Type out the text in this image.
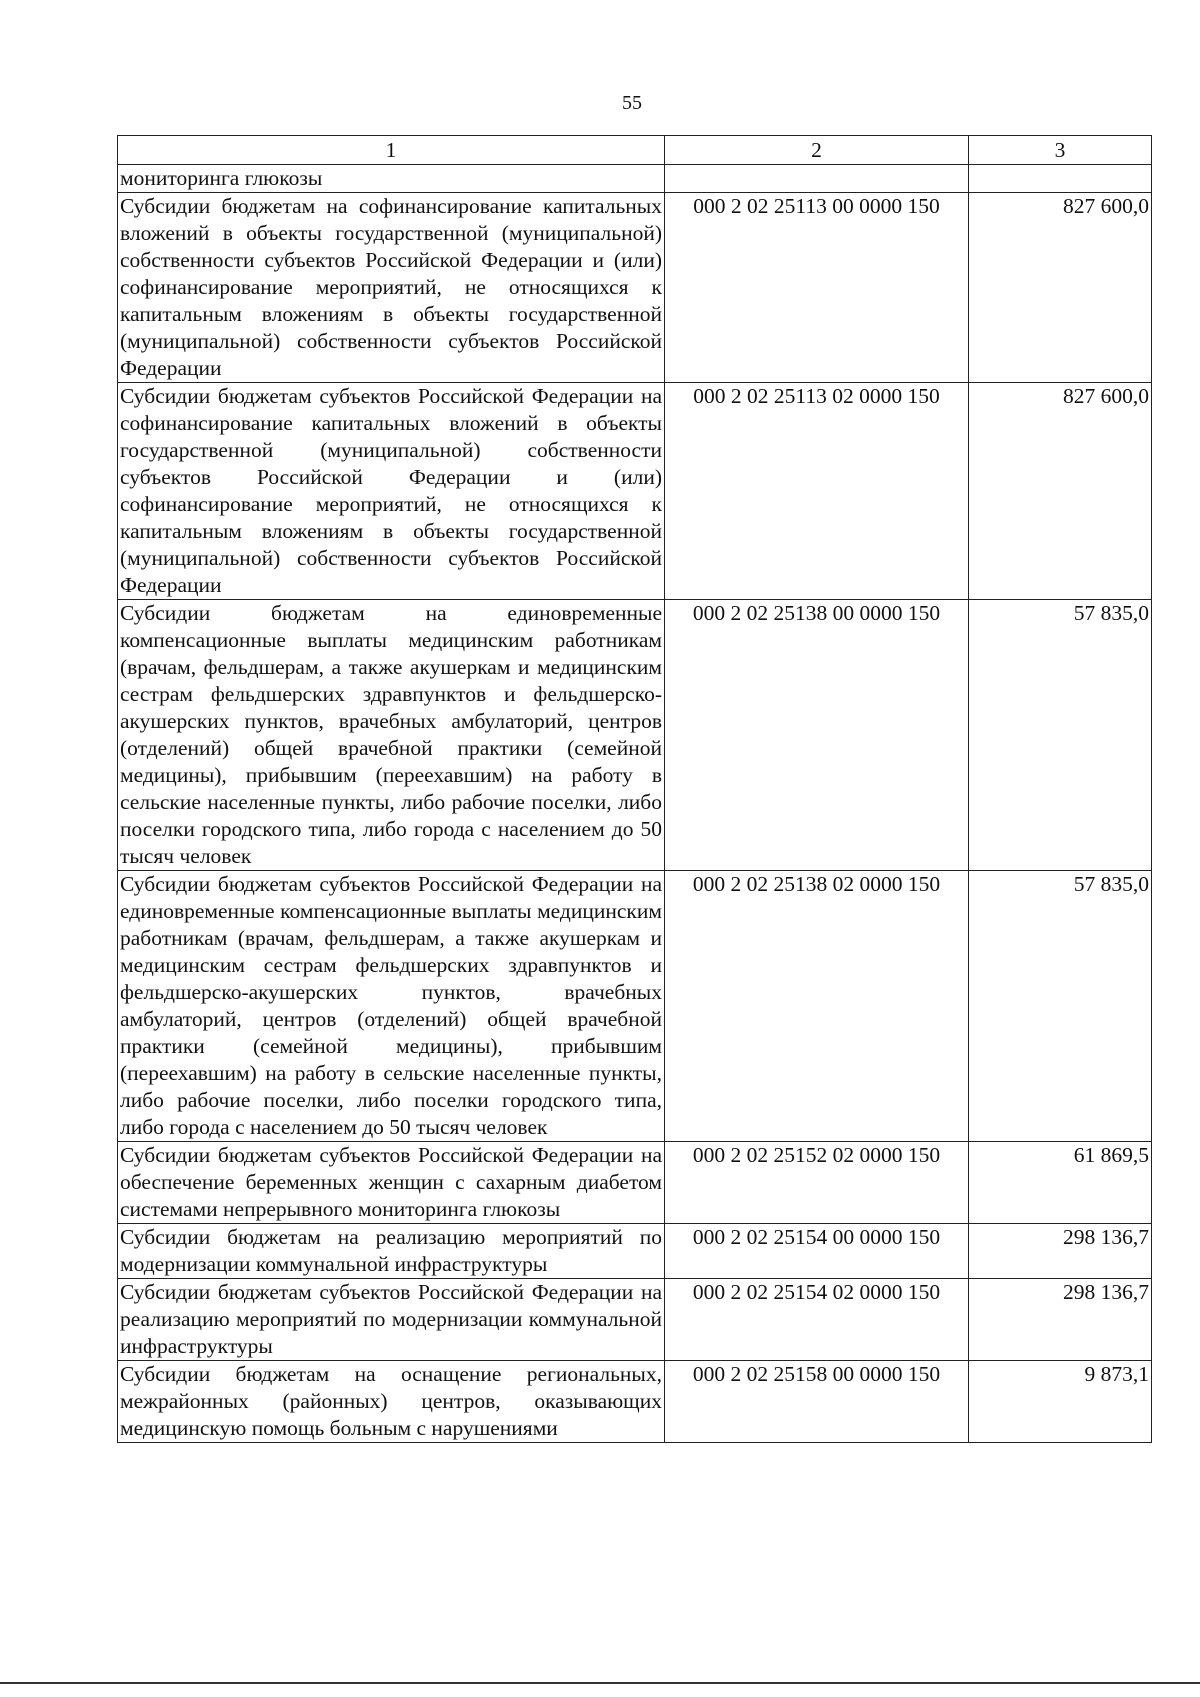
55
1	2	3
мониторинга глюкозы		
Субсидии бюджетам на софинансирование капитальных вложений в объекты государственной (муниципальной) собственности субъектов Российской Федерации и (или) софинансирование мероприятий, не относящихся к капитальным вложениям в объекты государственной (муниципальной) собственности субъектов Российской Федерации	000 2 02 25113 00 0000 150	827 600,0
Субсидии бюджетам субъектов Российской Федерации на софинансирование капитальных вложений в объекты государственной (муниципальной) собственности субъектов Российской Федерации и (или) софинансирование мероприятий, не относящихся к капитальным вложениям в объекты государственной (муниципальной) собственности субъектов Российской Федерации	000 2 02 25113 02 0000 150	827 600,0
Субсидии бюджетам на единовременные компенсационные выплаты медицинским работникам (врачам, фельдшерам, а также акушеркам и медицинским сестрам фельдшерских здравпунктов и фельдшерско-акушерских пунктов, врачебных амбулаторий, центров (отделений) общей врачебной практики (семейной медицины), прибывшим (переехавшим) на работу в сельские населенные пункты, либо рабочие поселки, либо поселки городского типа, либо города с населением до 50 тысяч человек	000 2 02 25138 00 0000 150	57 835,0
Субсидии бюджетам субъектов Российской Федерации на единовременные компенсационные выплаты медицинским работникам (врачам, фельдшерам, а также акушеркам и медицинским сестрам фельдшерских здравпунктов и фельдшерско-акушерских пунктов, врачебных амбулаторий, центров (отделений) общей врачебной практики (семейной медицины), прибывшим (переехавшим) на работу в сельские населенные пункты, либо рабочие поселки, либо поселки городского типа, либо города с населением до 50 тысяч человек	000 2 02 25138 02 0000 150	57 835,0
Субсидии бюджетам субъектов Российской Федерации на обеспечение беременных женщин с сахарным диабетом системами непрерывного мониторинга глюкозы	000 2 02 25152 02 0000 150	61 869,5
Субсидии бюджетам на реализацию мероприятий по модернизации коммунальной инфраструктуры	000 2 02 25154 00 0000 150	298 136,7
Субсидии бюджетам субъектов Российской Федерации на реализацию мероприятий по модернизации коммунальной инфраструктуры	000 2 02 25154 02 0000 150	298 136,7
Субсидии бюджетам на оснащение региональных, межрайонных (районных) центров, оказывающих медицинскую помощь больным с нарушениями	000 2 02 25158 00 0000 150	9 873,1
